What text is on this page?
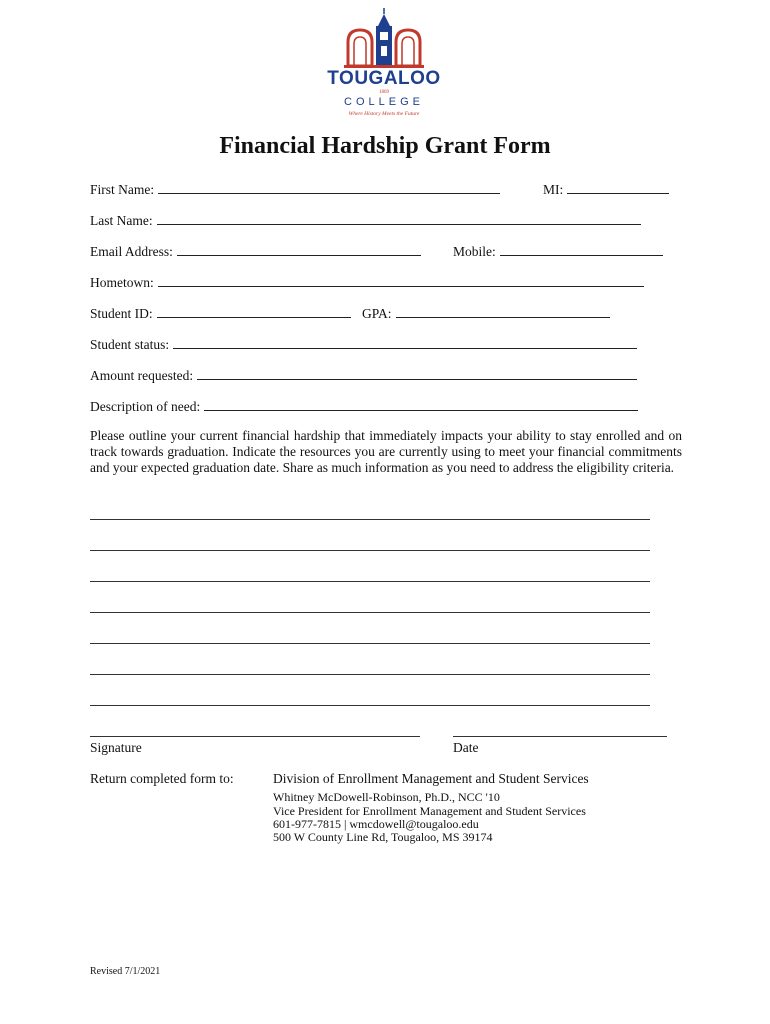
TOUGALOO
1869
COLLEGE
Where History Meets the Future
Financial Hardship Grant Form
First Name:	MI:
Last Name:
Email Address:	Mobile:
Hometown:
Student ID:	GPA:
Student status:
Amount requested:
Description of need:
Please outline your current financial hardship that immediately impacts your ability to stay enrolled and on track towards graduation. Indicate the resources you are currently using to meet your financial commitments and your expected graduation date. Share as much information as you need to address the eligibility criteria.
Signature	Date
Return completed form to:	Division of Enrollment Management and Student Services
Whitney McDowell-Robinson, Ph.D., NCC '10
Vice President for Enrollment Management and Student Services
601-977-7815 | wmcdowell@tougaloo.edu
500 W County Line Rd, Tougaloo, MS 39174
Revised 7/1/2021
